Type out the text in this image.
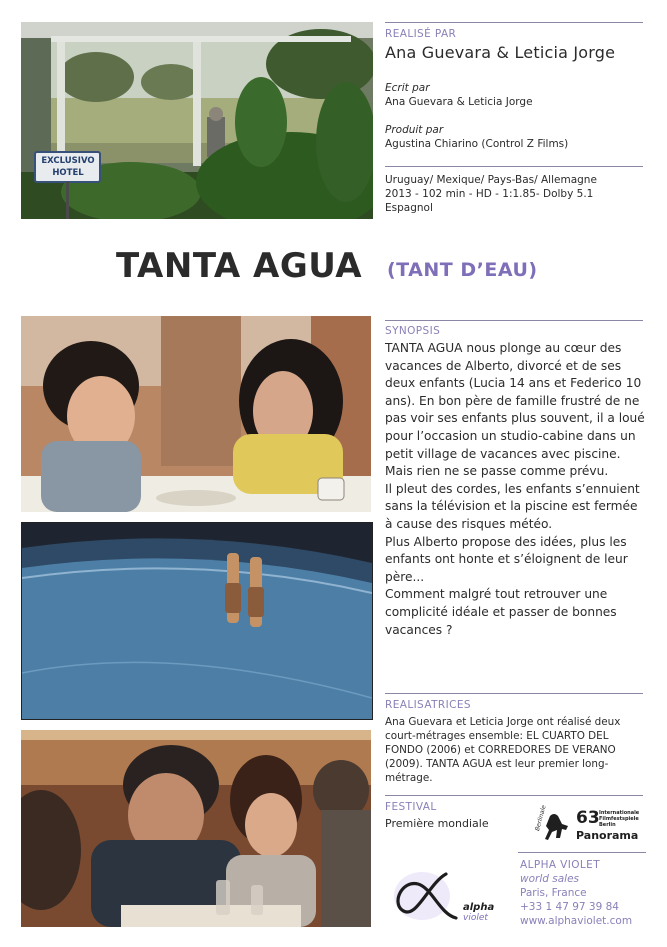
EXCLUSIVO
HOTEL
REALISÉ PAR
Ana Guevara & Leticia Jorge
Ecrit par
Ana Guevara & Leticia Jorge
Produit par
Agustina Chiarino (Control Z Films)
Uruguay/ Mexique/ Pays-Bas/ Allemagne
2013 - 102 min - HD - 1:1.85- Dolby 5.1
Espagnol
TANTA AGUA (TANT D’EAU)
SYNOPSIS

TANTA AGUA nous plonge au cœur des vacances de Alberto, divorcé et de ses deux enfants (Lucia 14 ans et Federico 10 ans). En bon père de famille frustré de ne pas voir ses enfants plus souvent, il a loué pour l’occasion un studio-cabine dans un petit village de vacances avec piscine. Mais rien ne se passe comme prévu.

Il pleut des cordes, les enfants s’ennuient sans la télévision et la piscine est fermée à cause des risques météo.

Plus Alberto propose des idées, plus les enfants ont honte et s’éloignent de leur père...

Comment malgré tout retrouver une complicité idéale et passer de bonnes vacances ?

REALISATRICES
Ana Guevara et Leticia Jorge ont réalisé deux court-métrages ensemble: EL CUARTO DEL FONDO (2006) et CORREDORES DE VERANO (2009). TANTA AGUA est leur premier long-métrage.
FESTIVAL
Première mondiale	Berlinale 63 Internationale
Filmfestspiele
Berlin
Panorama
alpha
violet
ALPHA VIOLET
world sales
Paris, France
+33 1 47 97 39 84
www.alphaviolet.com
